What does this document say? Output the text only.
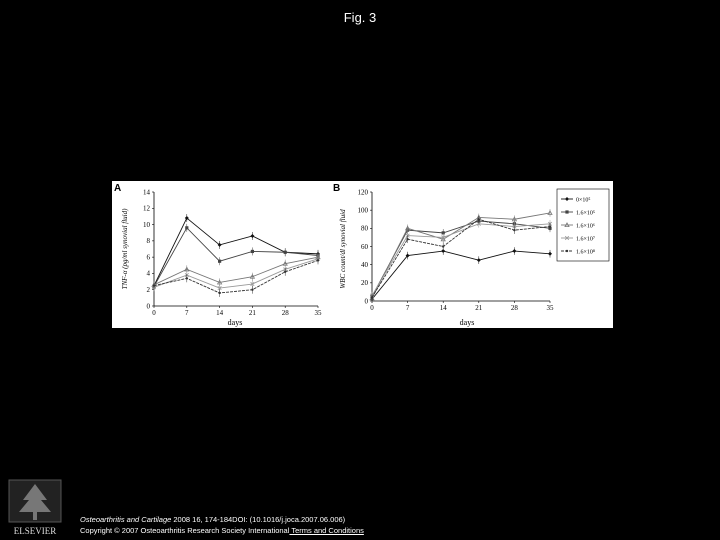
Fig. 3
A
days
TNF-α (pg/ml synovial fluid)
0	7	14	21	28	35
0
2
4
6
8
10
12
14	B
days
WBC count/dl synovial fluid
0	7	14	21	28	35
0
20
40
60
80
100
120
0×10⁵
1.6×10⁵
1.6×10⁶
1.6×10⁷
1.6×10⁸
ELSEVIER
Osteoarthritis and Cartilage 2008 16, 174-184DOI: (10.1016/j.joca.2007.06.006)
Copyright © 2007 Osteoarthritis Research Society International Terms and Conditions
